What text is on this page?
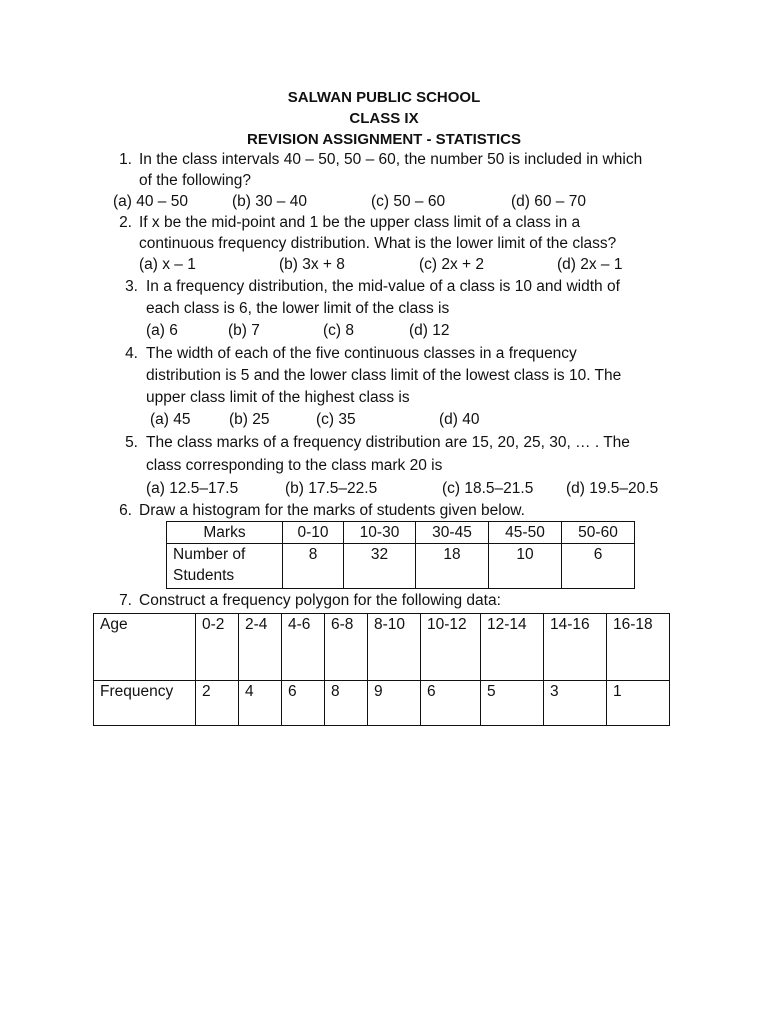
SALWAN PUBLIC SCHOOL
CLASS IX
REVISION ASSIGNMENT - STATISTICS
1. In the class intervals 40 – 50, 50 – 60, the number 50 is included in which
of the following?
(a) 40 – 50	(b) 30 – 40	(c) 50 – 60	(d) 60 – 70
2. If x be the mid-point and 1 be the upper class limit of a class in a
continuous frequency distribution. What is the lower limit of the class?
(a) x – 1	(b) 3x + 8	(c) 2x + 2	(d) 2x – 1
3. In a frequency distribution, the mid-value of a class is 10 and width of
each class is 6, the lower limit of the class is
(a) 6	(b) 7	(c) 8	(d) 12
4. The width of each of the five continuous classes in a frequency
distribution is 5 and the lower class limit of the lowest class is 10. The
upper class limit of the highest class is
(a) 45 (b) 25	(c) 35	(d) 40
5. The class marks of a frequency distribution are 15, 20, 25, 30, … . The
class corresponding to the class mark 20 is
(a) 12.5–17.5	(b) 17.5–22.5	(c) 18.5–21.5 (d) 19.5–20.5
6. Draw a histogram for the marks of students given below.
Marks	0-10	10-30	30-45	45-50	50-60

Number of
Students	8	32	18	10	6
7. Construct a frequency polygon for the following data:
Age	0-2	2-4	4-6	6-8	8-10	10-12	12-14	14-16	16-18
Frequency	2	4	6	8	9	6	5	3	1
